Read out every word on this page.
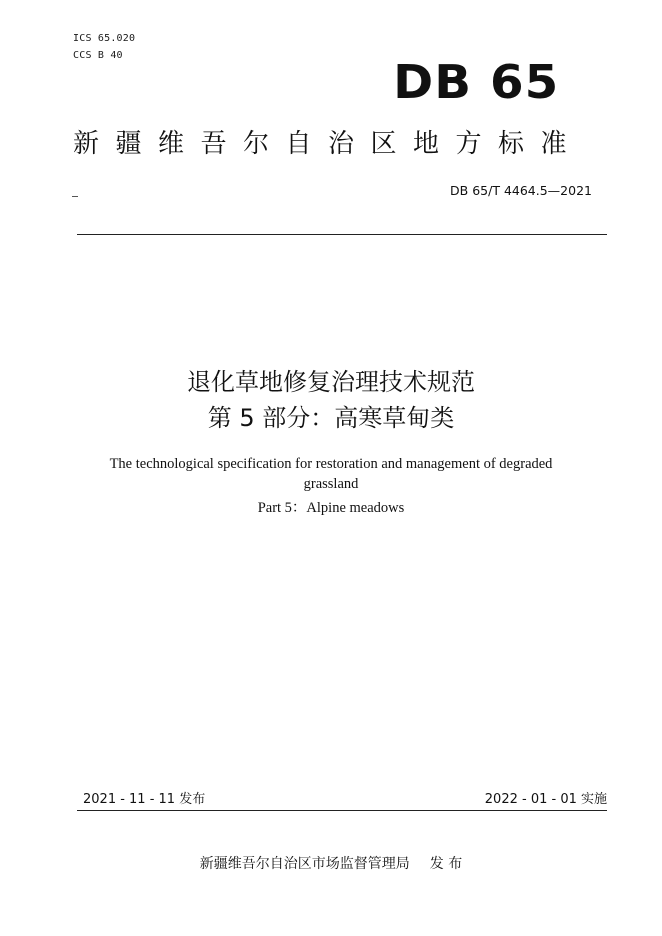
ICS 65.020
CCS B 40	DB 65
新疆维吾尔自治区地方标准
DB 65/T 4464.5—2021
退化草地修复治理技术规范
第 5 部分：高寒草甸类
The technological specification for restoration and management of degraded
grassland
Part 5：Alpine meadows
2021 - 11 - 11 发布	2022 - 01 - 01 实施
新疆维吾尔自治区市场监督管理局 发 布
